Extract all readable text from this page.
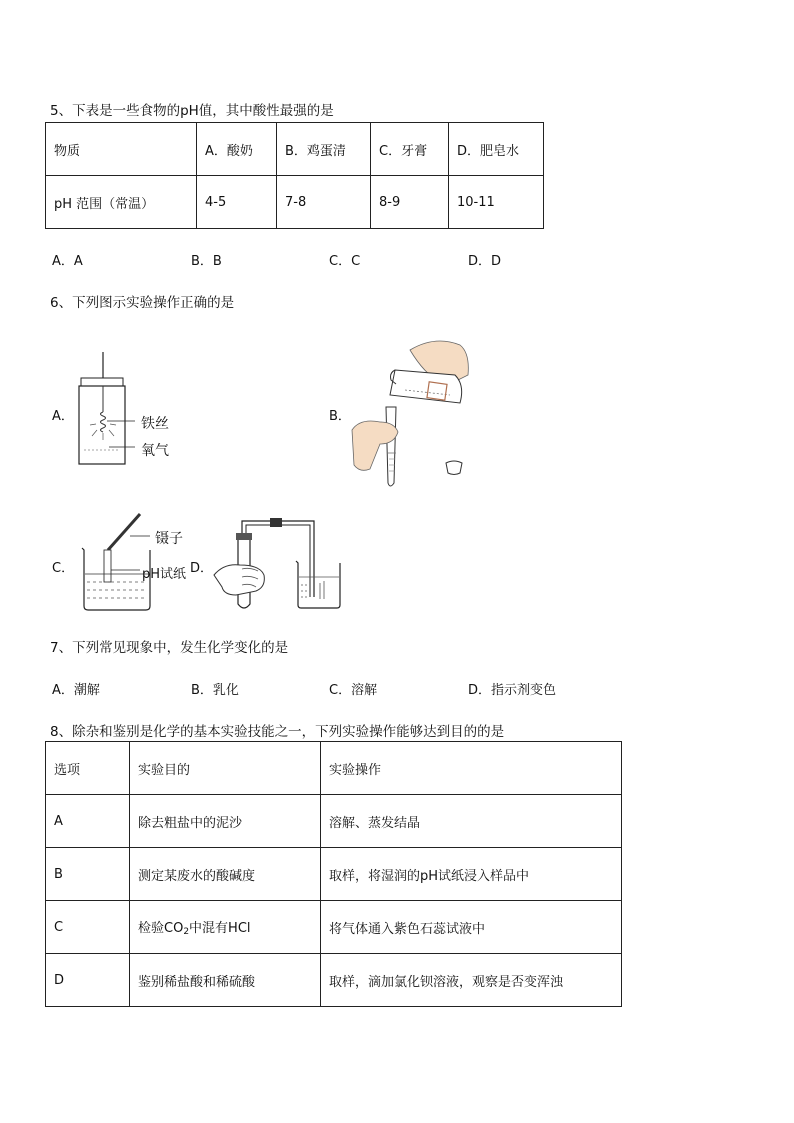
5、下表是一些食物的pH值，其中酸性最强的是
物质	A．酸奶	B．鸡蛋清	C．牙膏	D．肥皂水
pH 范围（常温）	4-5	7-8	8-9	10-11
A．A	B．B	C．C	D．D
6、下列图示实验操作正确的是
A．	B．
C．	D．
铁丝
氧气
镊子
pH试纸
7、下列常见现象中，发生化学变化的是
A．潮解	B．乳化	C．溶解	D．指示剂变色
8、除杂和鉴别是化学的基本实验技能之一，下列实验操作能够达到目的的是
选项	实验目的	实验操作
A	除去粗盐中的泥沙	溶解、蒸发结晶
B	测定某废水的酸碱度	取样，将湿润的pH试纸浸入样品中
C	检验$CO_2$中混有HCl	将气体通入紫色石蕊试液中
D	鉴别稀盐酸和稀硫酸	取样，滴加氯化钡溶液，观察是否变浑浊
